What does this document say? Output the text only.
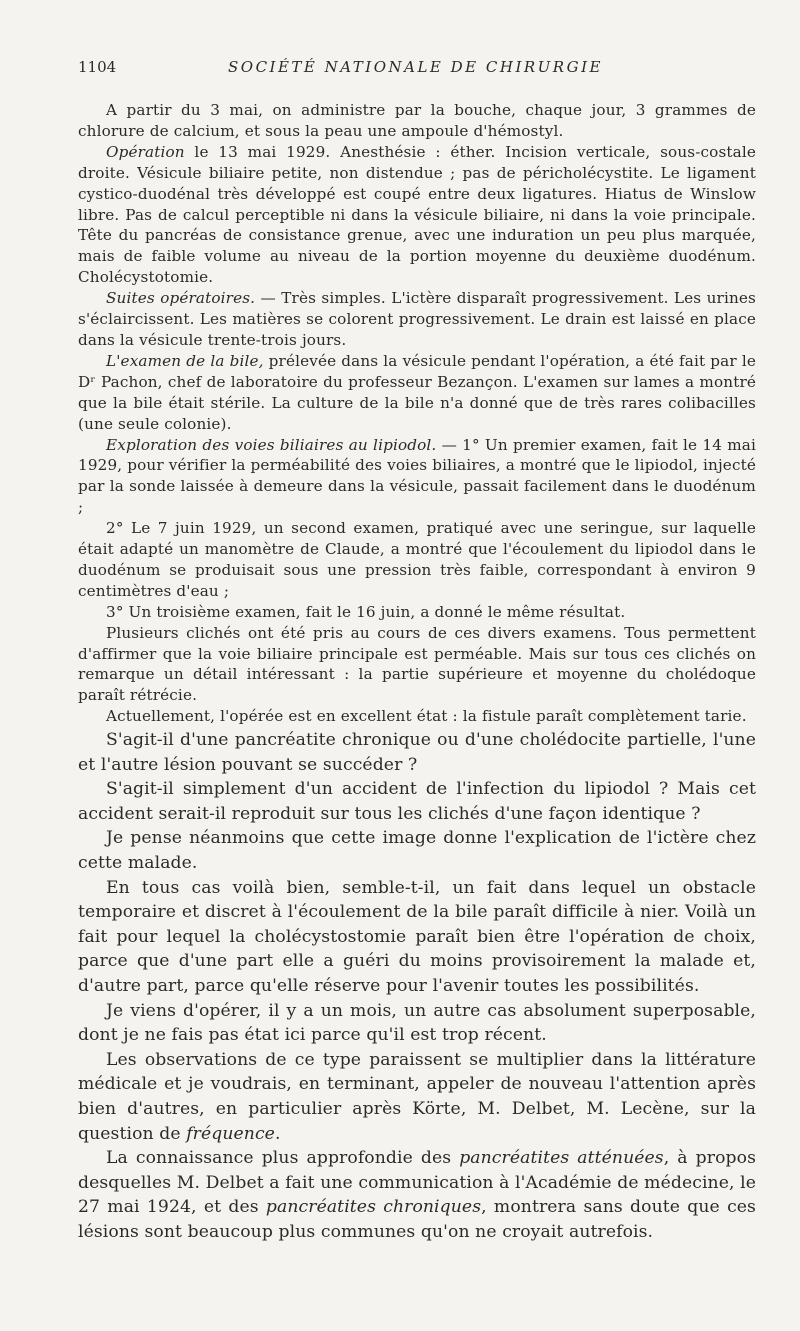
1104	SOCIÉTÉ NATIONALE DE CHIRURGIE

A partir du 3 mai, on administre par la bouche, chaque jour, 3 grammes de chlorure de calcium, et sous la peau une ampoule d'hémostyl.

Opération le 13 mai 1929. Anesthésie : éther. Incision verticale, sous-costale droite. Vésicule biliaire petite, non distendue ; pas de péricholécystite. Le ligament cystico-duodénal très développé est coupé entre deux ligatures. Hiatus de Winslow libre. Pas de calcul perceptible ni dans la vésicule biliaire, ni dans la voie principale. Tête du pancréas de consistance grenue, avec une induration un peu plus marquée, mais de faible volume au niveau de la portion moyenne du deuxième duodénum. Cholécystotomie.

Suites opératoires. — Très simples. L'ictère disparaît progressivement. Les urines s'éclaircissent. Les matières se colorent progressivement. Le drain est laissé en place dans la vésicule trente-trois jours.

L'examen de la bile, prélevée dans la vésicule pendant l'opération, a été fait par le Dʳ Pachon, chef de laboratoire du professeur Bezançon. L'examen sur lames a montré que la bile était stérile. La culture de la bile n'a donné que de très rares colibacilles (une seule colonie).

Exploration des voies biliaires au lipiodol. — 1° Un premier examen, fait le 14 mai 1929, pour vérifier la perméabilité des voies biliaires, a montré que le lipiodol, injecté par la sonde laissée à demeure dans la vésicule, passait facilement dans le duodénum ;

2° Le 7 juin 1929, un second examen, pratiqué avec une seringue, sur laquelle était adapté un manomètre de Claude, a montré que l'écoulement du lipiodol dans le duodénum se produisait sous une pression très faible, correspondant à environ 9 centimètres d'eau ;

3° Un troisième examen, fait le 16 juin, a donné le même résultat.

Plusieurs clichés ont été pris au cours de ces divers examens. Tous permettent d'affirmer que la voie biliaire principale est perméable. Mais sur tous ces clichés on remarque un détail intéressant : la partie supérieure et moyenne du cholédoque paraît rétrécie.

Actuellement, l'opérée est en excellent état : la fistule paraît complètement tarie.

S'agit-il d'une pancréatite chronique ou d'une cholédocite partielle, l'une et l'autre lésion pouvant se succéder ?

S'agit-il simplement d'un accident de l'infection du lipiodol ? Mais cet accident serait-il reproduit sur tous les clichés d'une façon identique ?

Je pense néanmoins que cette image donne l'explication de l'ictère chez cette malade.

En tous cas voilà bien, semble-t-il, un fait dans lequel un obstacle temporaire et discret à l'écoulement de la bile paraît difficile à nier. Voilà un fait pour lequel la cholécystostomie paraît bien être l'opération de choix, parce que d'une part elle a guéri du moins provisoirement la malade et, d'autre part, parce qu'elle réserve pour l'avenir toutes les possibilités.

Je viens d'opérer, il y a un mois, un autre cas absolument superposable, dont je ne fais pas état ici parce qu'il est trop récent.

Les observations de ce type paraissent se multiplier dans la littérature médicale et je voudrais, en terminant, appeler de nouveau l'attention après bien d'autres, en particulier après Körte, M. Delbet, M. Lecène, sur la question de fréquence.

La connaissance plus approfondie des pancréatites atténuées, à propos desquelles M. Delbet a fait une communication à l'Académie de médecine, le 27 mai 1924, et des pancréatites chroniques, montrera sans doute que ces lésions sont beaucoup plus communes qu'on ne croyait autrefois.
